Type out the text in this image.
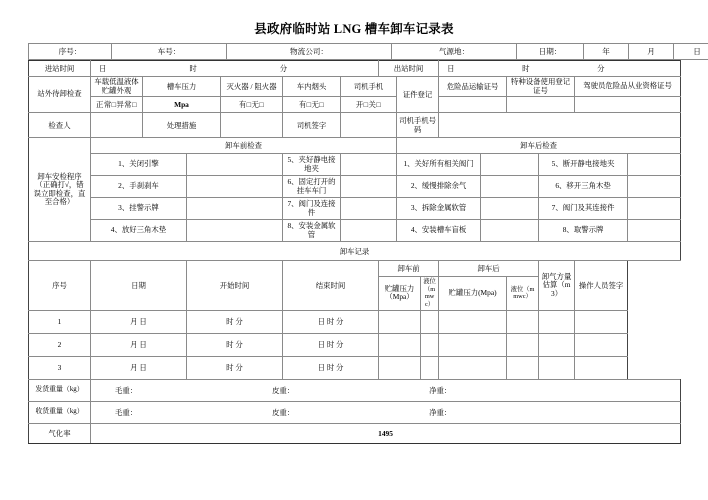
县政府临时站 LNG 槽车卸车记录表
序号：	车号：	物流公司：	气源地：	日期：	年	月	日
进站时间	日 时 分						出站时间			日 时 分					

站外待卸检查	车载低温液体贮罐外观	槽车压力		灭火器 / 阻火器	车内烟头	司机手机		证件登记		危险品运输证号		特种设备使用登记证号		驾驶员危险品从业资格证号	
	正常□异常□	Mpa		有□无□	有□无□	开□关□									
检查人		处理措施			司机签字			司机手机号码							
卸车安检程序（正确打√，错误立即检查，直至合格）	卸车前检查							卸车后检查							
	1、关闭引擎				5、夹好静电接地夹			1、关好所有相关阀门					5、断开静电接地夹		
	2、手刹刹车				6、固定打开的挂车车门			2、缓慢排除余气					6、移开三角木垫		
	3、挂警示牌				7、阀门及连接件			3、拆除金属软管					7、阀门及其连接件		
	4、放好三角木垫				8、安装金属软管			4、安装槽车盲板					8、取警示牌		
卸车记录															
序号	日期		开始时间		结束时间		卸车前			卸车后			卸气方量估算（m3）	操作人员签字	
							贮罐压力（Mpa）		液位（mmwc）	贮罐压力(Mpa)		液位（mmwc）			
1	月 日		时 分		日 时 分										
2	月 日		时 分		日 时 分										
3	月 日		时 分		日 时 分										
发货重量（kg）	毛重： 皮重： 净重：														

收货重量（kg）	毛重： 皮重： 净重：														

气化率	1495														
